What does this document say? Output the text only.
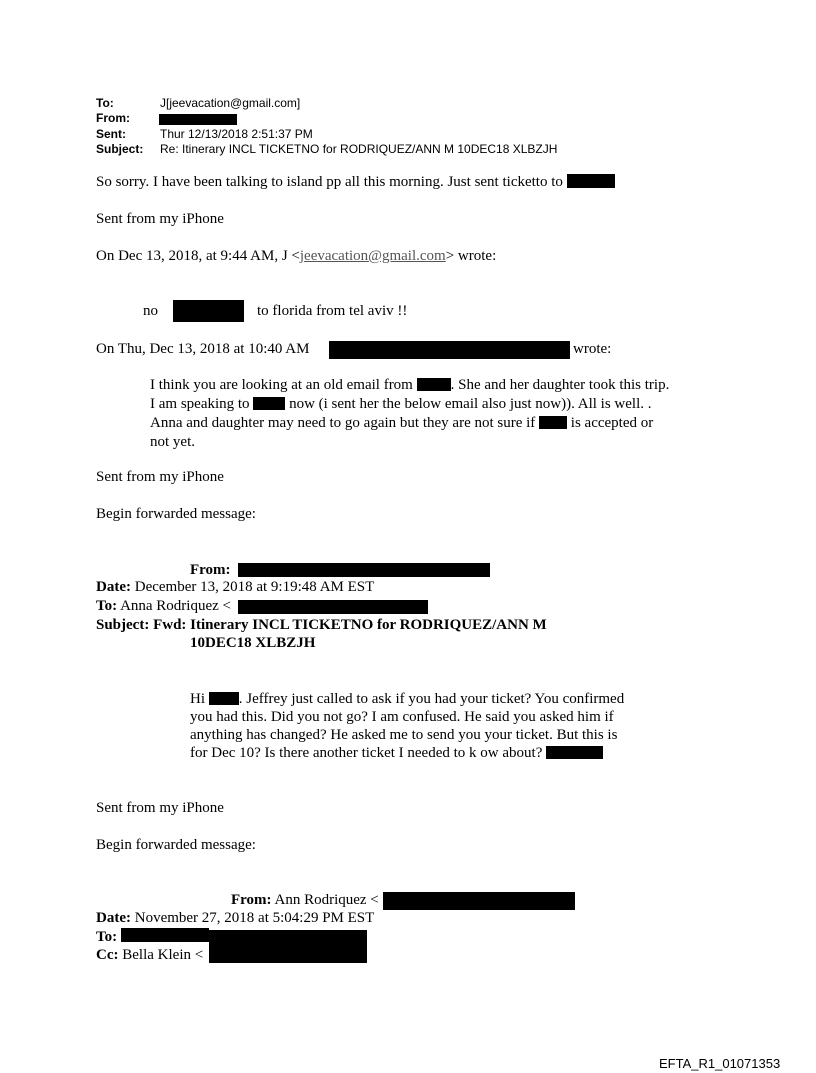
To:	J[jeevacation@gmail.com]
From:
Sent:	Thur 12/13/2018 2:51:37 PM
Subject: Re: Itinerary INCL TICKETNO for RODRIQUEZ/ANN M 10DEC18 XLBZJH
So sorry. I have been talking to island pp all this morning. Just sent ticketto to
Sent from my iPhone
On Dec 13, 2018, at 9:44 AM, J <jeevacation@gmail.com> wrote:
no	to florida from tel aviv !!
On Thu, Dec 13, 2018 at 10:40 AM	wrote:
I think you are looking at an old email from	. She and her daughter took this trip. I am speaking to	now (i sent her the below email also just now)). All is well. . Anna and daughter may need to go again but they are not sure if is accepted or not yet.
Sent from my iPhone
Begin forwarded message:
From:
Date: December 13, 2018 at 9:19:48 AM EST
To: Anna Rodriquez <
Subject: Fwd: Itinerary INCL TICKETNO for RODRIQUEZ/ANN M
10DEC18 XLBZJH
Hi . Jeffrey just called to ask if you had your ticket? You confirmed you had this. Did you not go? I am confused. He said you asked him if anything has changed? He asked me to send you your ticket. But this is for Dec 10? Is there another ticket I needed to k ow about?
Sent from my iPhone
Begin forwarded message:
From: Ann Rodriquez <
Date: November 27, 2018 at 5:04:29 PM EST
To:
Cc: Bella Klein <
EFTA_R1_01071353
